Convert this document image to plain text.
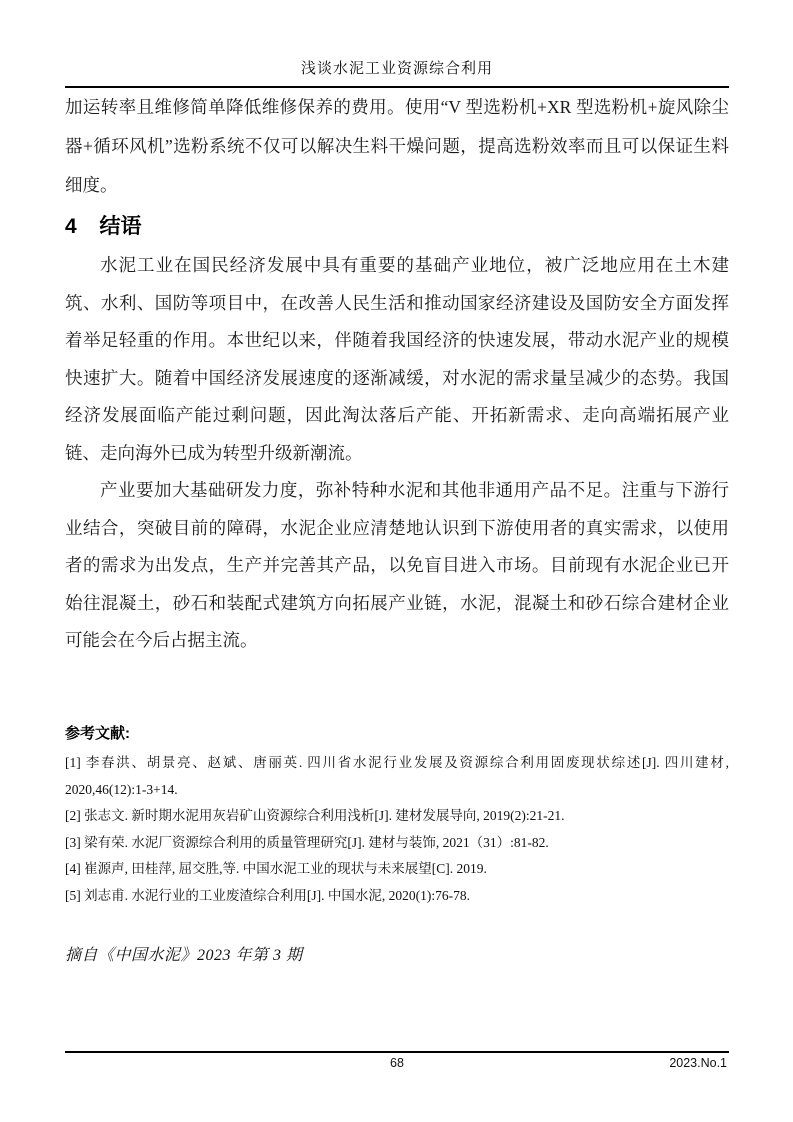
浅谈水泥工业资源综合利用

加运转率且维修简单降低维修保养的费用。使用“V 型选粉机+XR 型选粉机+旋风除尘器+循环风机”选粉系统不仅可以解决生料干燥问题，提高选粉效率而且可以保证生料细度。

4 结语

水泥工业在国民经济发展中具有重要的基础产业地位，被广泛地应用在土木建筑、水利、国防等项目中，在改善人民生活和推动国家经济建设及国防安全方面发挥着举足轻重的作用。本世纪以来，伴随着我国经济的快速发展，带动水泥产业的规模快速扩大。随着中国经济发展速度的逐渐减缓，对水泥的需求量呈减少的态势。我国经济发展面临产能过剩问题，因此淘汰落后产能、开拓新需求、走向高端拓展产业链、走向海外已成为转型升级新潮流。

产业要加大基础研发力度，弥补特种水泥和其他非通用产品不足。注重与下游行业结合，突破目前的障碍，水泥企业应清楚地认识到下游使用者的真实需求，以使用者的需求为出发点，生产并完善其产品，以免盲目进入市场。目前现有水泥企业已开始往混凝土，砂石和装配式建筑方向拓展产业链，水泥，混凝土和砂石综合建材企业可能会在今后占据主流。

参考文献:
[1] 李春洪、胡景亮、赵斌、唐丽英. 四川省水泥行业发展及资源综合利用固废现状综述[J]. 四川建材, 2020,46(12):1-3+14.
[2] 张志文. 新时期水泥用灰岩矿山资源综合利用浅析[J]. 建材发展导向, 2019(2):21-21.
[3] 梁有荣. 水泥厂资源综合利用的质量管理研究[J]. 建材与装饰, 2021（31）:81-82.
[4] 崔源声, 田桂萍, 屈交胜,等. 中国水泥工业的现状与未来展望[C]. 2019.
[5] 刘志甫. 水泥行业的工业废渣综合利用[J]. 中国水泥, 2020(1):76-78.
摘自《中国水泥》2023 年第 3 期
68	2023.No.1
